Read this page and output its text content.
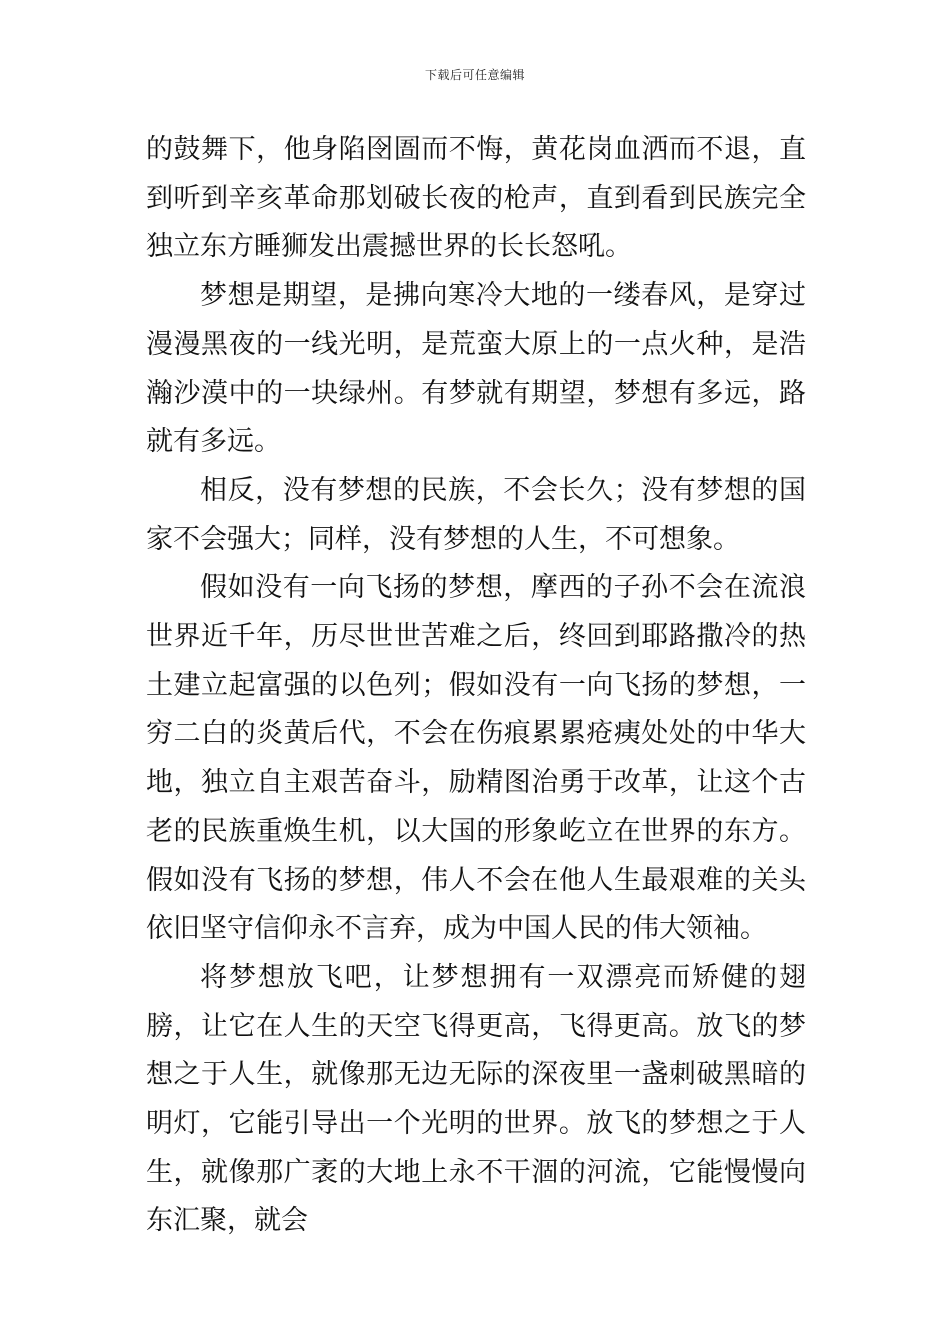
下载后可任意编辑

的鼓舞下，他身陷囹圄而不悔，黄花岗血洒而不退，直到听到辛亥革命那划破长夜的枪声，直到看到民族完全独立东方睡狮发出震撼世界的长长怒吼。

梦想是期望，是拂向寒冷大地的一缕春风，是穿过漫漫黑夜的一线光明，是荒蛮大原上的一点火种，是浩瀚沙漠中的一块绿州。有梦就有期望，梦想有多远，路就有多远。

相反，没有梦想的民族，不会长久；没有梦想的国家不会强大；同样，没有梦想的人生，不可想象。

假如没有一向飞扬的梦想，摩西的子孙不会在流浪世界近千年，历尽世世苦难之后，终回到耶路撒冷的热土建立起富强的以色列；假如没有一向飞扬的梦想，一穷二白的炎黄后代，不会在伤痕累累疮痍处处的中华大地，独立自主艰苦奋斗，励精图治勇于改革，让这个古老的民族重焕生机，以大国的形象屹立在世界的东方。假如没有飞扬的梦想，伟人不会在他人生最艰难的关头依旧坚守信仰永不言弃，成为中国人民的伟大领袖。

将梦想放飞吧，让梦想拥有一双漂亮而矫健的翅膀，让它在人生的天空飞得更高，飞得更高。放飞的梦想之于人生，就像那无边无际的深夜里一盏刺破黑暗的明灯，它能引导出一个光明的世界。放飞的梦想之于人生，就像那广袤的大地上永不干涸的河流，它能慢慢向东汇聚，就会
